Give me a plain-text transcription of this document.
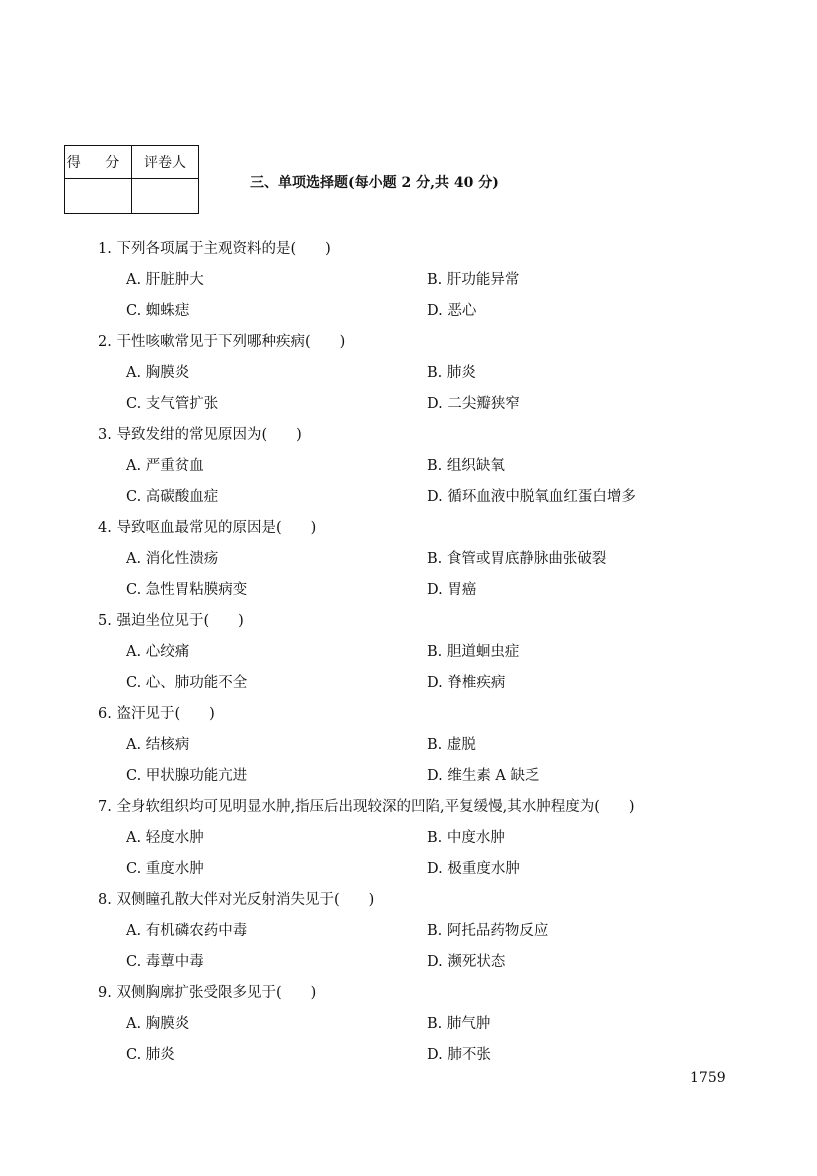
得 分	评卷人

三、单项选择题(每小题 2 分,共 40 分)
1. 下列各项属于主观资料的是(　　)
A. 肝脏肿大	B. 肝功能异常
C. 蜘蛛痣	D. 恶心
2. 干性咳嗽常见于下列哪种疾病(　　)
A. 胸膜炎	B. 肺炎
C. 支气管扩张	D. 二尖瓣狭窄
3. 导致发绀的常见原因为(　　)
A. 严重贫血	B. 组织缺氧
C. 高碳酸血症	D. 循环血液中脱氧血红蛋白增多
4. 导致呕血最常见的原因是(　　)
A. 消化性溃疡	B. 食管或胃底静脉曲张破裂
C. 急性胃粘膜病变	D. 胃癌
5. 强迫坐位见于(　　)
A. 心绞痛	B. 胆道蛔虫症
C. 心、肺功能不全	D. 脊椎疾病
6. 盗汗见于(　　)
A. 结核病	B. 虚脱
C. 甲状腺功能亢进	D. 维生素 A 缺乏
7. 全身软组织均可见明显水肿,指压后出现较深的凹陷,平复缓慢,其水肿程度为(　　)
A. 轻度水肿	B. 中度水肿
C. 重度水肿	D. 极重度水肿
8. 双侧瞳孔散大伴对光反射消失见于(　　)
A. 有机磷农药中毒	B. 阿托品药物反应
C. 毒蕈中毒	D. 濒死状态
9. 双侧胸廓扩张受限多见于(　　)
A. 胸膜炎	B. 肺气肿
C. 肺炎	D. 肺不张
1759
